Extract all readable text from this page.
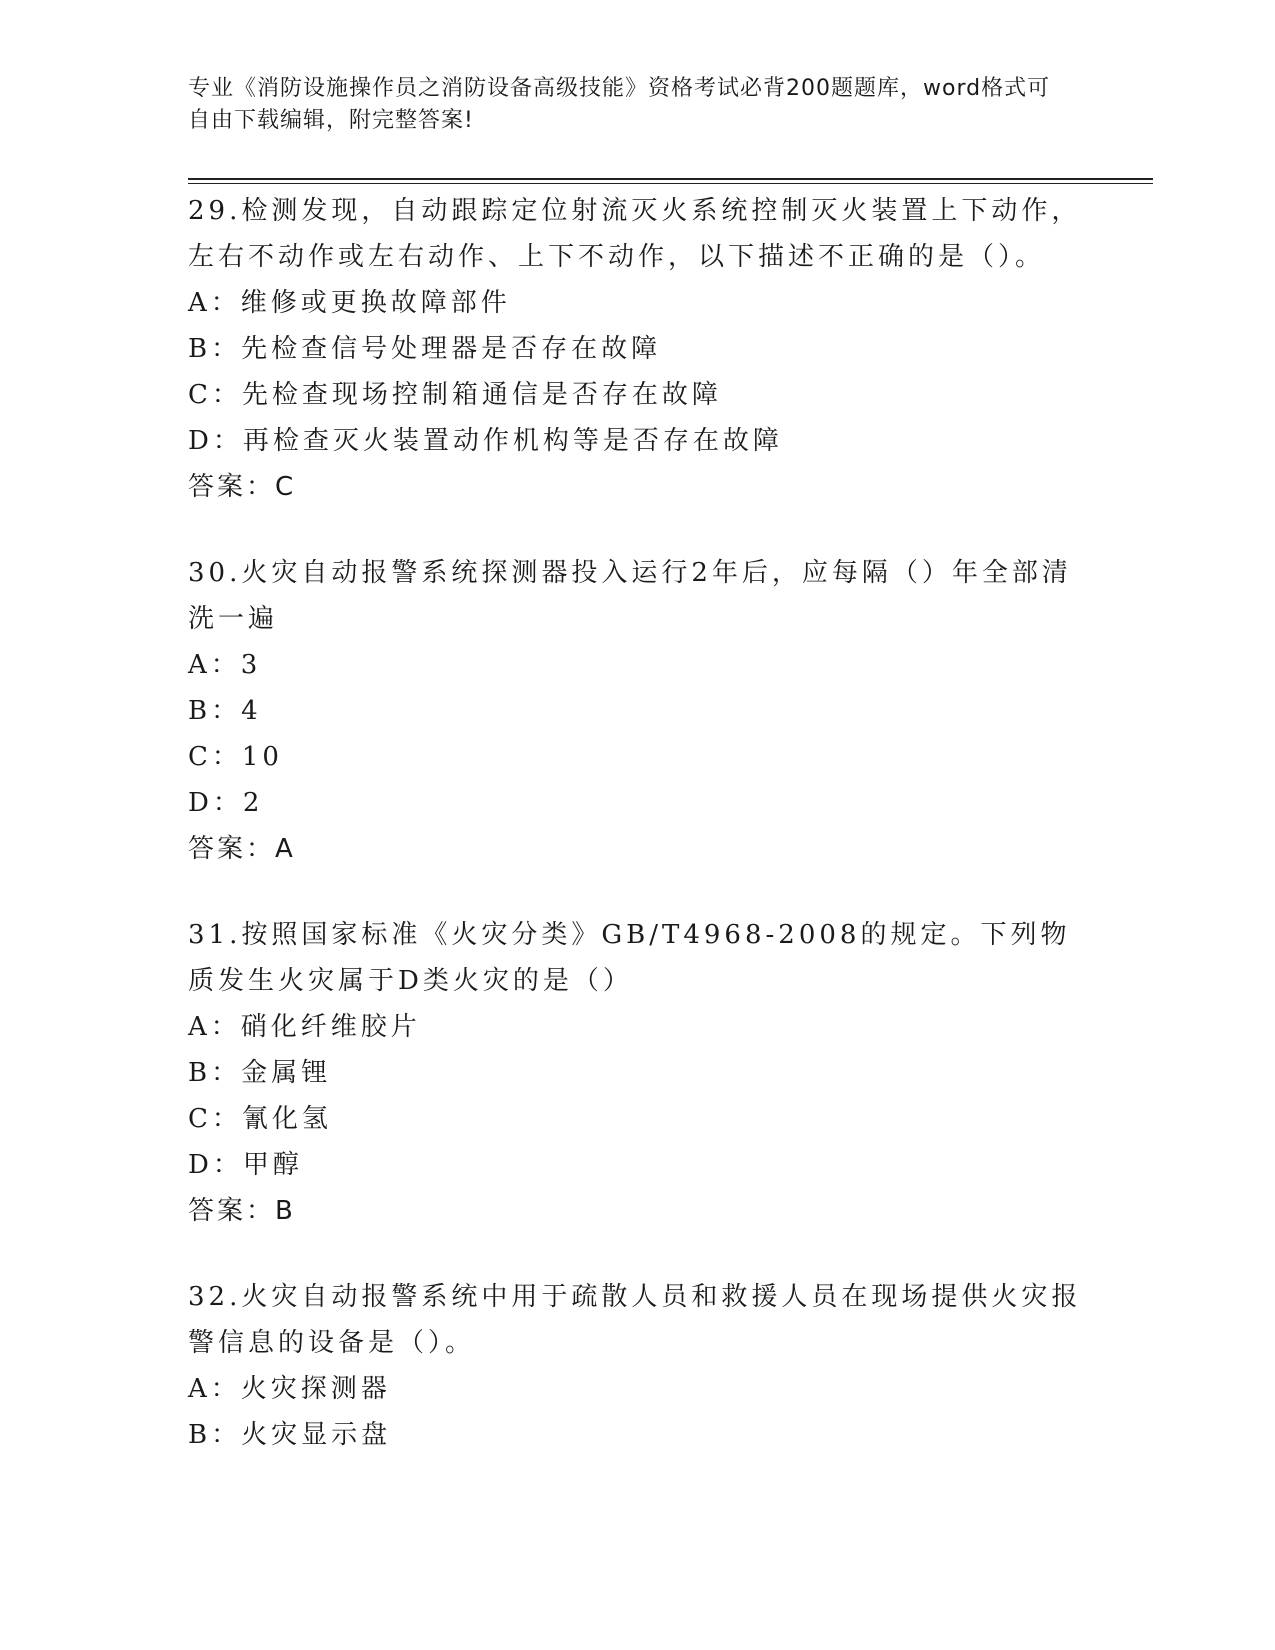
专业《消防设施操作员之消防设备高级技能》资格考试必背200题题库，word格式可自由下载编辑，附完整答案!

29.检测发现，自动跟踪定位射流灭火系统控制灭火装置上下动作，左右不动作或左右动作、上下不动作，以下描述不正确的是（）。

A：维修或更换故障部件

B：先检查信号处理器是否存在故障

C：先检查现场控制箱通信是否存在故障

D：再检查灭火装置动作机构等是否存在故障

答案：C

30.火灾自动报警系统探测器投入运行2年后，应每隔（）年全部清洗一遍

A：3

B：4

C：10

D：2

答案：A

31.按照国家标准《火灾分类》GB/T4968-2008的规定。下列物质发生火灾属于D类火灾的是（）

A：硝化纤维胶片

B：金属锂

C：氰化氢

D：甲醇

答案：B

32.火灾自动报警系统中用于疏散人员和救援人员在现场提供火灾报警信息的设备是（）。

A：火灾探测器

B：火灾显示盘
